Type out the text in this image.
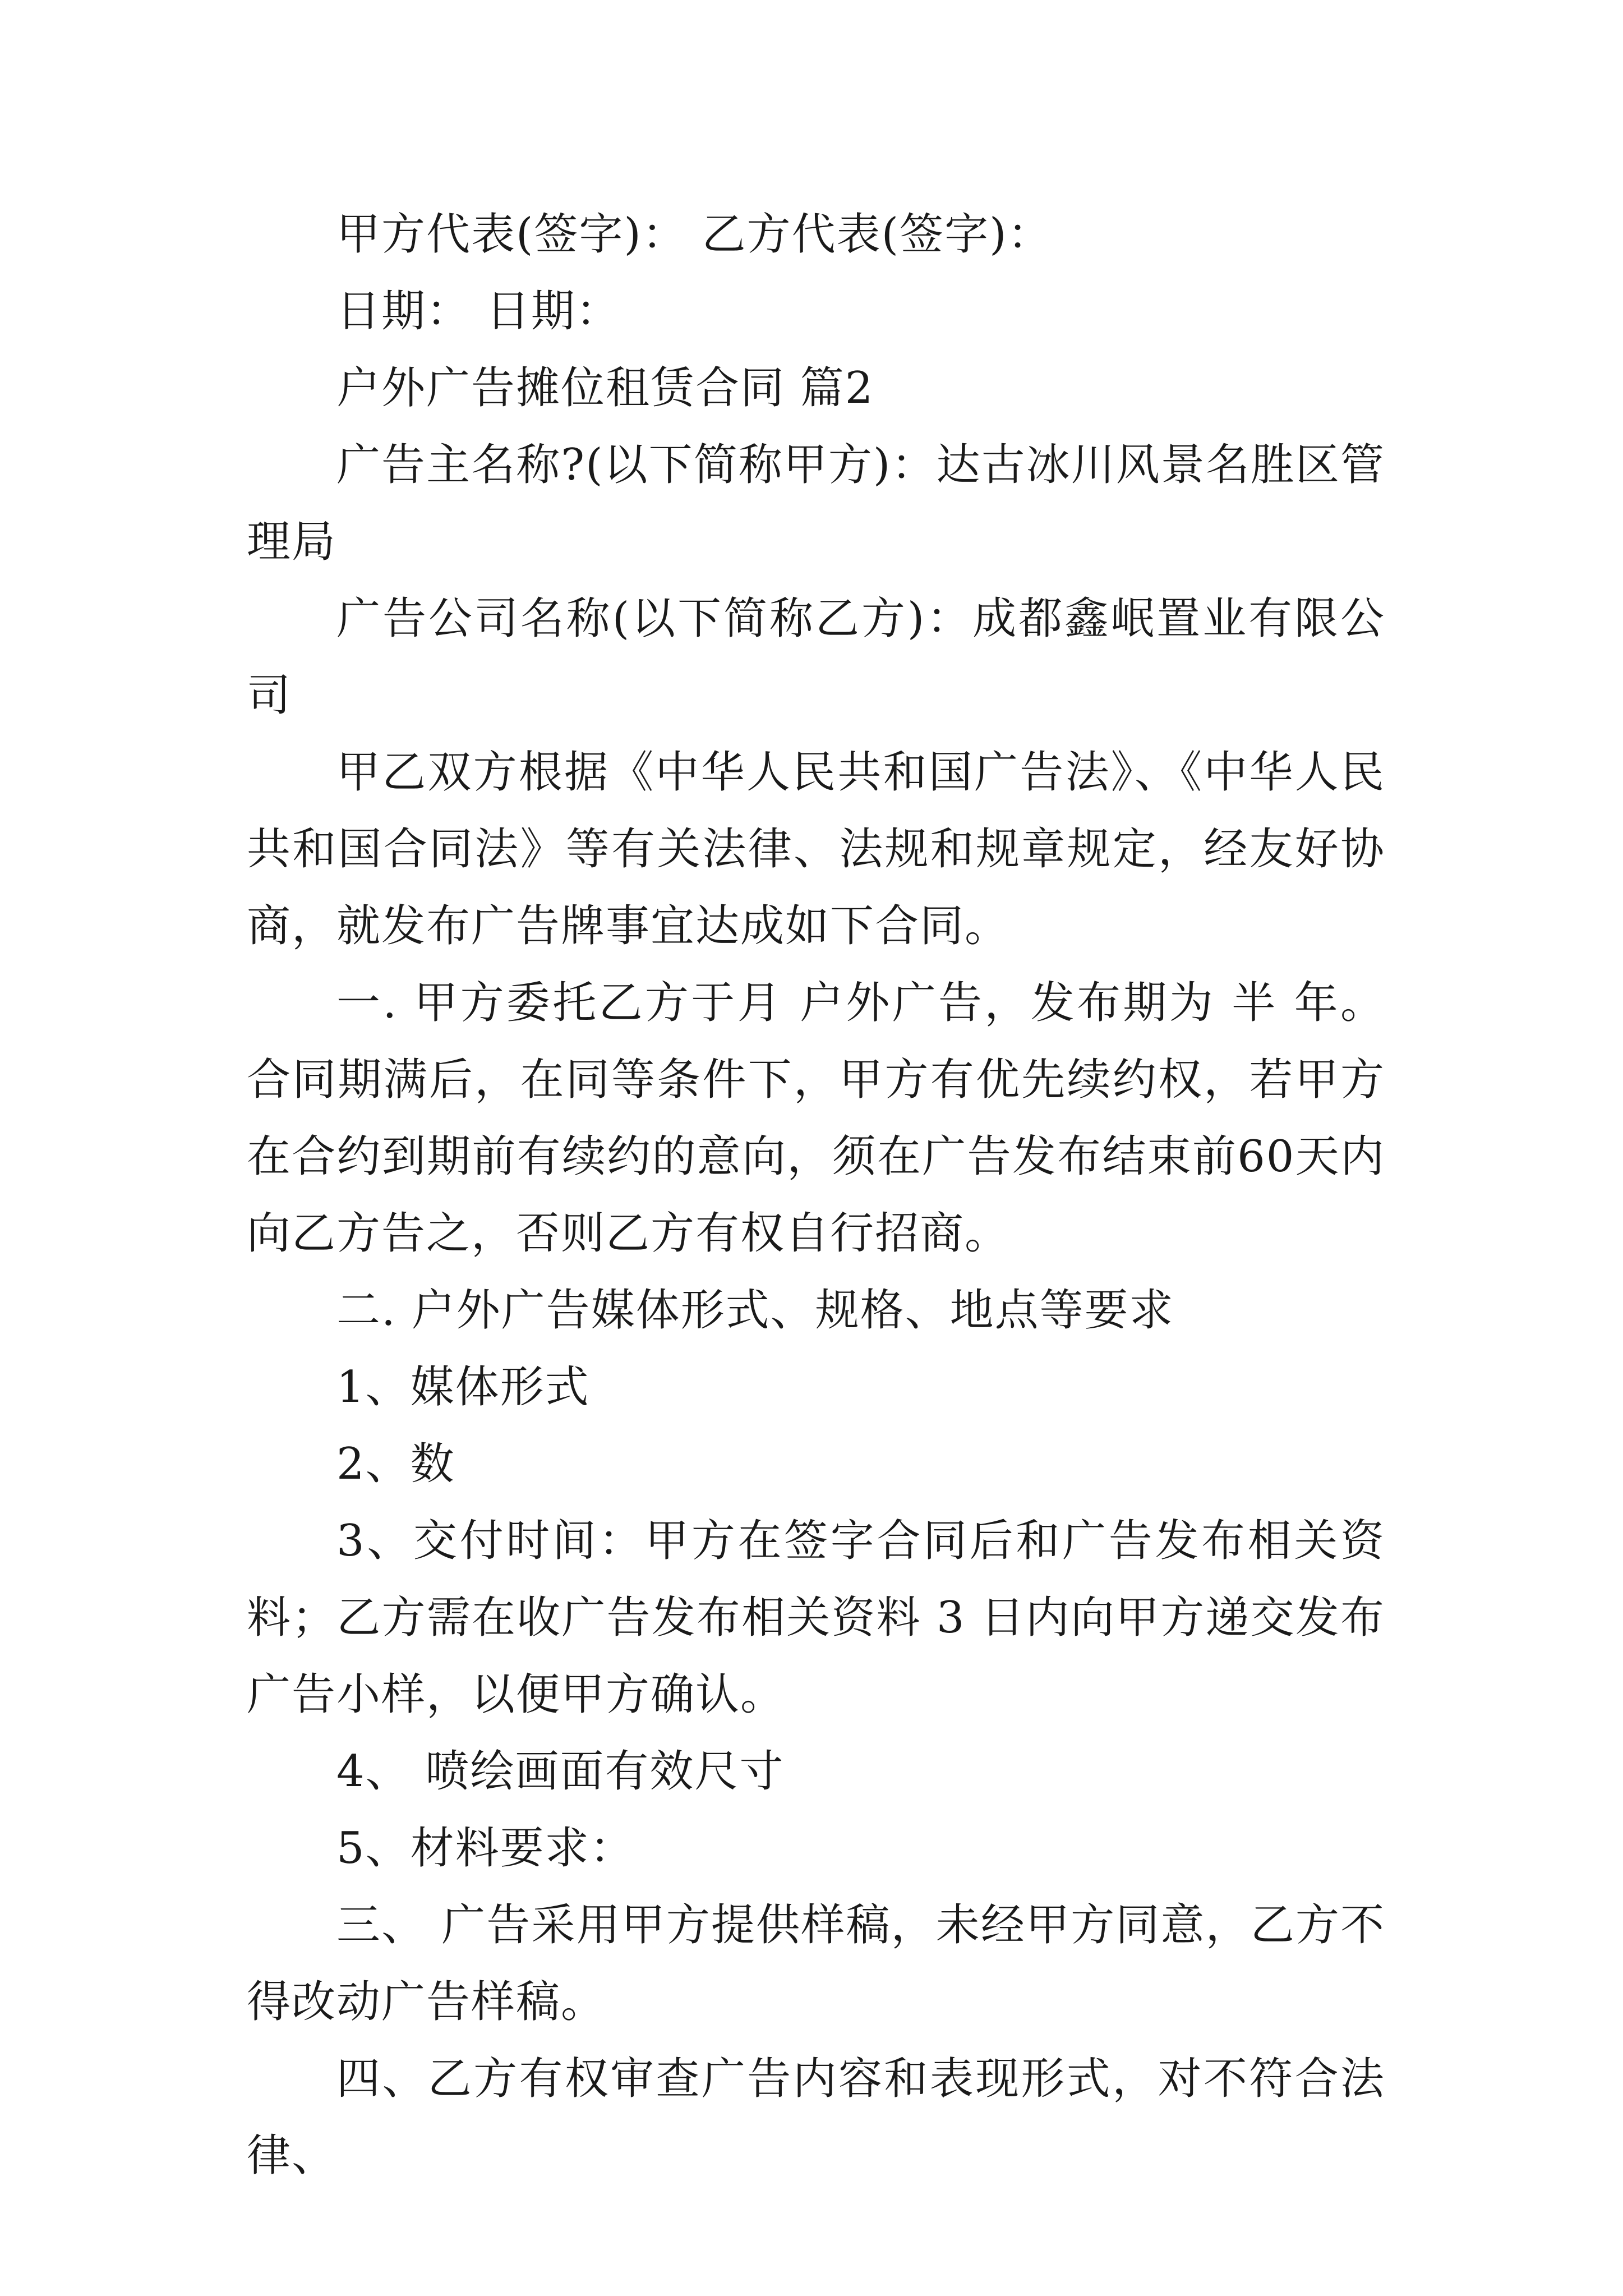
甲方代表(签字)： 乙方代表(签字)：

日期： 日期：

户外广告摊位租赁合同 篇2

广告主名称?(以下简称甲方)：达古冰川风景名胜区管理局

广告公司名称(以下简称乙方)：成都鑫岷置业有限公司

甲乙双方根据《中华人民共和国广告法》、《中华人民共和国合同法》等有关法律、法规和规章规定，经友好协商，就发布广告牌事宜达成如下合同。

一. 甲方委托乙方于月 户外广告，发布期为 半 年。合同期满后，在同等条件下，甲方有优先续约权，若甲方在合约到期前有续约的意向，须在广告发布结束前60天内向乙方告之，否则乙方有权自行招商。

二. 户外广告媒体形式、规格、地点等要求

1、媒体形式

2、数

3、交付时间：甲方在签字合同后和广告发布相关资料；乙方需在收广告发布相关资料 3 日内向甲方递交发布广告小样，以便甲方确认。

4、 喷绘画面有效尺寸

5、材料要求：

三、 广告采用甲方提供样稿，未经甲方同意，乙方不得改动广告样稿。

四、乙方有权审查广告内容和表现形式，对不符合法律、
